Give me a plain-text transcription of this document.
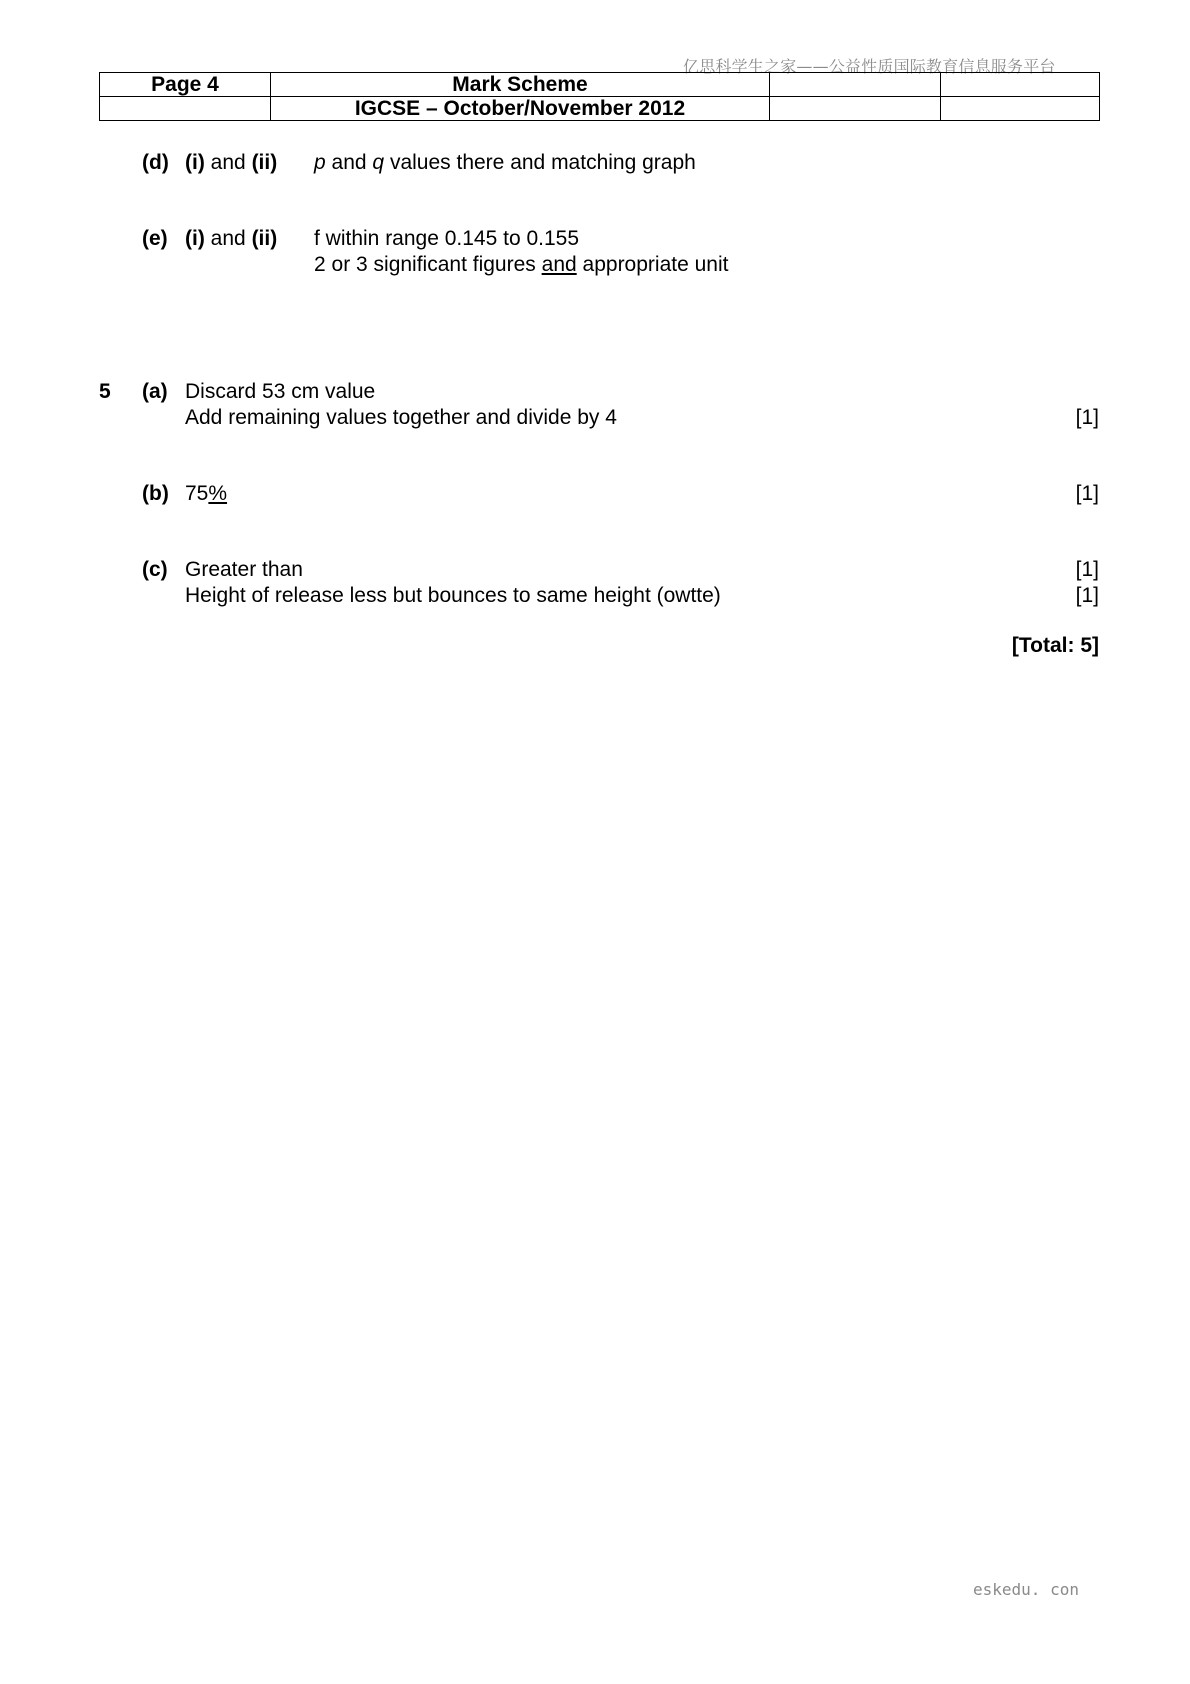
亿思科学生之家——公益性质国际教育信息服务平台
Page 4	Mark Scheme		
	IGCSE – October/November 2012		
(d) (i) and (ii) p and q values there and matching graph
(e) (i) and (ii) f within range 0.145 to 0.155
2 or 3 significant figures and appropriate unit
5 (a) Discard 53 cm value
Add remaining values together and divide by 4	[1]
(b) 75%	[1]
(c) Greater than	[1]
Height of release less but bounces to same height (owtte)	[1]
[Total: 5]
eskedu. con
